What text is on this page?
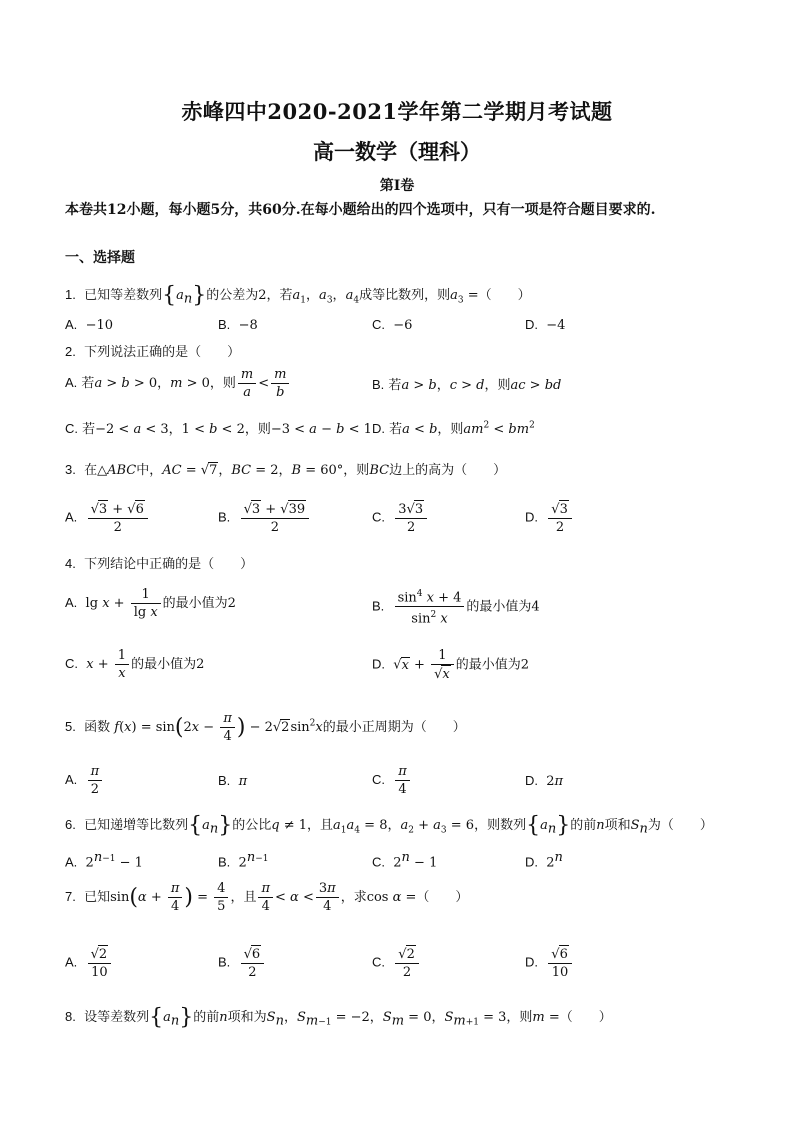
赤峰四中2020-2021学年第二学期月考试题
高一数学（理科）
第Ⅰ卷
本卷共12小题，每小题5分，共60分.在每小题给出的四个选项中，只有一项是符合题目要求的.
一、选择题
1.  已知等差数列$\{a_n\}$的公差为2，若$a_1$，$a_3$，$a_4$成等比数列，则$a_3$ =（　　）
A. −10	B. −8	C. −6	D. −4
2.  下列说法正确的是（　　）
A. 若a > b > 0，m > 0，则 $\frac{m}{a} < \frac{m}{b}$	B. 若a > b，c > d，则ac > bd
C. 若−2 < a < 3，1 < b < 2，则−3 < a − b < 1 D. 若a < b，则$am^2 < bm^2$
3.  在△ABC中，AC = √7，BC = 2，B = 60°，则BC边上的高为（　　）
A. $\frac{√3 + √6}{2}$	B. $\frac{√3 + √39}{2}$	C. $\frac{3√3}{2}$	D. $\frac{√3}{2}$
4.  下列结论中正确的是（　　）
A.  $\lg x + \frac{1}{\text{lg x}}$ 的最小值为2	B. $\frac{\sin^4 x + 4}{\sin^2 x}$ 的最小值为4
C. $x + \frac{1}{x}$ 的最小值为2	D.  $√x + \frac{1}{√x}$ 的最小值为2
5.  函数 $f(x) = \sin(2x - \frac{\pi}{4}$ ) − $2√2\sin^2x$的最小正周期为（　　）
A. $\frac{\pi}{2}$	B. π	C. $\frac{\pi}{4}$	D.  2π
6.  已知递增等比数列$\{a_n\}$的公比q ≠ 1，且$a_1a_4 = 8$，$a_2 + a_3 = 6$，则数列$\{a_n\}$的前n项和$S_n$为（　　）
A.  $2^{n-1} - 1$	B.  $2^{n-1}$	C.  $2^n - 1$	D.  2$^n$
7.  已知$\sin(\alpha + \frac{\pi}{4}$ ) = $\frac{4}{5}$ ，且 $\frac{\pi}{4} < \alpha < \frac{3\pi}{4}$ ，求cos α =（　　）
A. $\frac{√2}{10}$	B. $\frac{√6}{2}$	C. $\frac{√2}{2}$	D. $\frac{√6}{10}$
8.  设等差数列$\{a_n\}$的前n项和为$S_n$，$S_{m-1} = -2$，$S_m = 0$，$S_{m+1} = 3$，则m =（　　）
